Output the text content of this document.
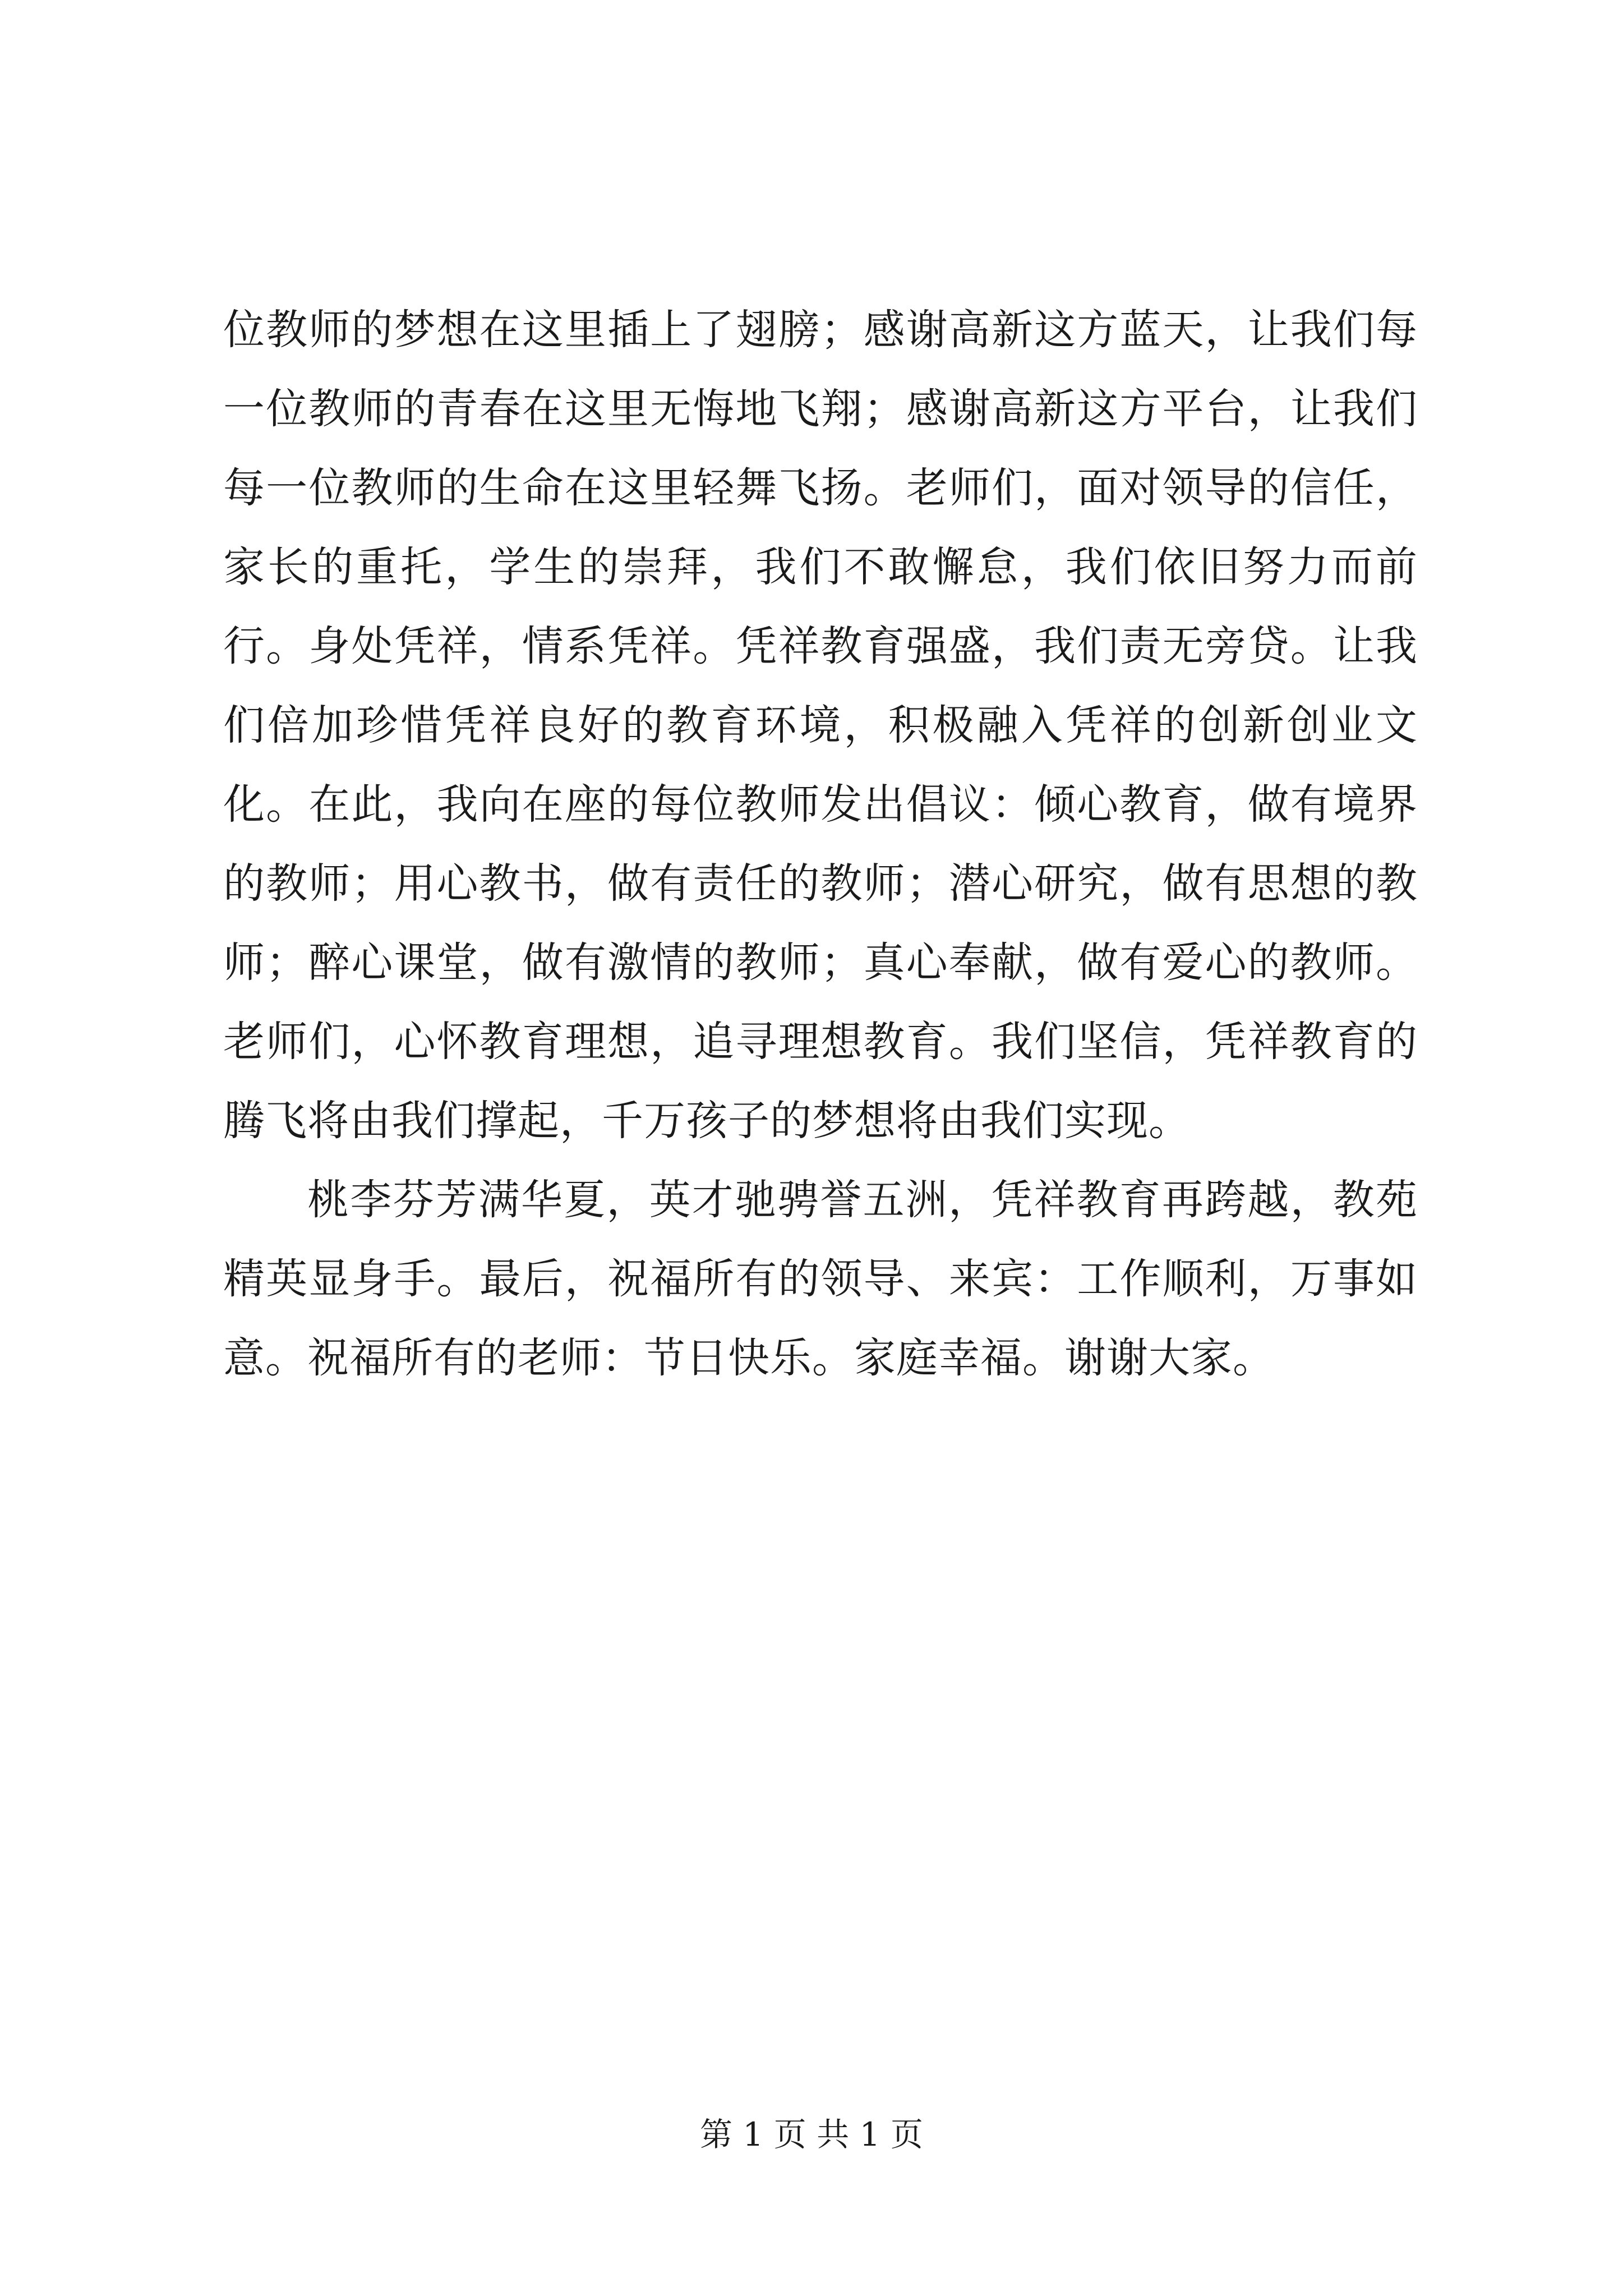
位教师的梦想在这里插上了翅膀；感谢高新这方蓝天，让我们每一位教师的青春在这里无悔地飞翔；感谢高新这方平台，让我们每一位教师的生命在这里轻舞飞扬。老师们，面对领导的信任，家长的重托，学生的崇拜，我们不敢懈怠，我们依旧努力而前行。身处凭祥，情系凭祥。凭祥教育强盛，我们责无旁贷。让我们倍加珍惜凭祥良好的教育环境，积极融入凭祥的创新创业文化。在此，我向在座的每位教师发出倡议：倾心教育，做有境界的教师；用心教书，做有责任的教师；潜心研究，做有思想的教师；醉心课堂，做有激情的教师；真心奉献，做有爱心的教师。老师们，心怀教育理想，追寻理想教育。我们坚信，凭祥教育的腾飞将由我们撑起，千万孩子的梦想将由我们实现。

桃李芬芳满华夏，英才驰骋誉五洲，凭祥教育再跨越，教苑精英显身手。最后，祝福所有的领导、来宾：工作顺利，万事如意。祝福所有的老师：节日快乐。家庭幸福。谢谢大家。

第 1 页 共 1 页
